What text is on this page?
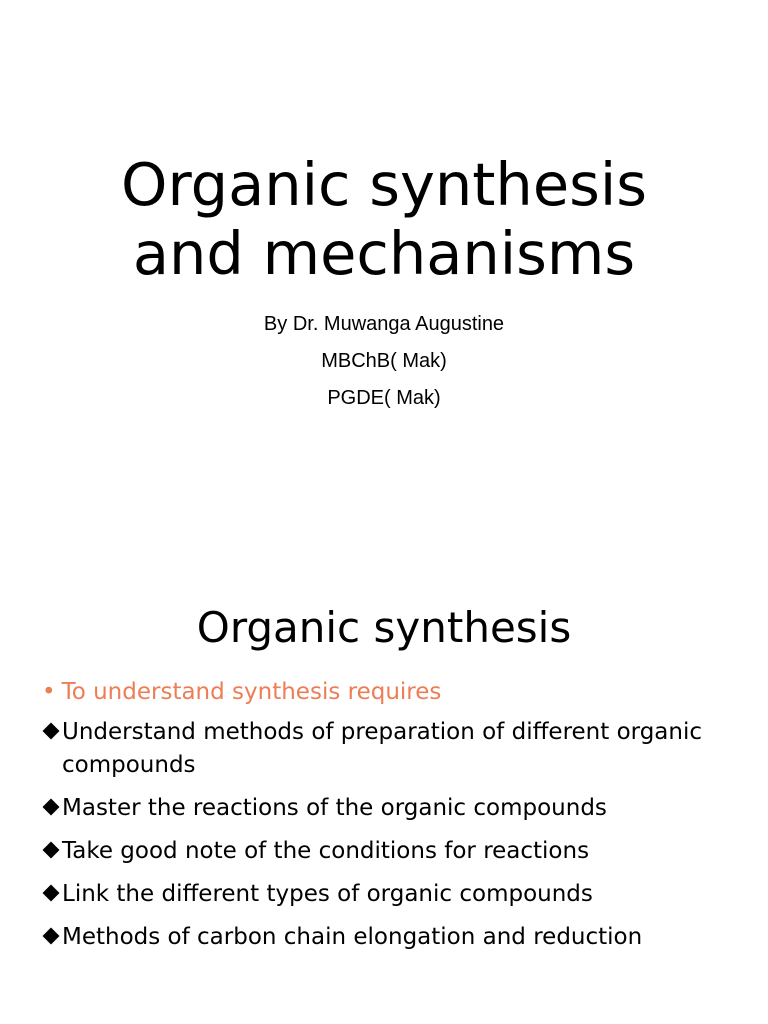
Organic synthesis
and mechanisms
By Dr. Muwanga Augustine
MBChB( Mak)
PGDE( Mak)
Organic synthesis

• To understand synthesis requires

Understand methods of preparation of different organic compounds
Master the reactions of the organic compounds
Take good note of the conditions for reactions
Link the different types of organic compounds
Methods of carbon chain elongation and reduction
